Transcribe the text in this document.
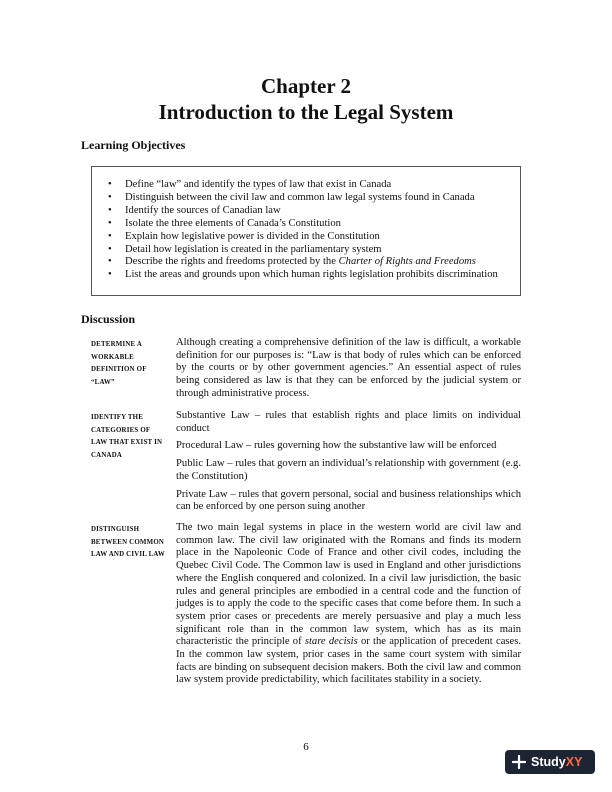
Chapter 2
Introduction to the Legal System
Learning Objectives
• Define “law” and identify the types of law that exist in Canada
• Distinguish between the civil law and common law legal systems found in Canada
• Identify the sources of Canadian law
• Isolate the three elements of Canada’s Constitution
• Explain how legislative power is divided in the Constitution
• Detail how legislation is created in the parliamentary system
• Describe the rights and freedoms protected by the Charter of Rights and Freedoms
• List the areas and grounds upon which human rights legislation prohibits discrimination
Discussion
DETERMINE A WORKABLE DEFINITION OF “LAW”

Although creating a comprehensive definition of the law is difficult, a workable definition for our purposes is: “Law is that body of rules which can be enforced by the courts or by other government agencies.” An essential aspect of rules being considered as law is that they can be enforced by the judicial system or through administrative process.

IDENTIFY THE CATEGORIES OF LAW THAT EXIST IN CANADA

Substantive Law – rules that establish rights and place limits on individual conduct

Procedural Law – rules governing how the substantive law will be enforced

Public Law – rules that govern an individual’s relationship with government (e.g. the Constitution)

Private Law – rules that govern personal, social and business relationships which can be enforced by one person suing another

DISTINGUISH BETWEEN COMMON LAW AND CIVIL LAW

The two main legal systems in place in the western world are civil law and common law. The civil law originated with the Romans and finds its modern place in the Napoleonic Code of France and other civil codes, including the Quebec Civil Code. The Common law is used in England and other jurisdictions where the English conquered and colonized. In a civil law jurisdiction, the basic rules and general principles are embodied in a central code and the function of judges is to apply the code to the specific cases that come before them. In such a system prior cases or precedents are merely persuasive and play a much less significant role than in the common law system, which has as its main characteristic the principle of stare decisis or the application of precedent cases. In the common law system, prior cases in the same court system with similar facts are binding on subsequent decision makers. Both the civil law and common law system provide predictability, which facilitates stability in a society.

6
Study XY
